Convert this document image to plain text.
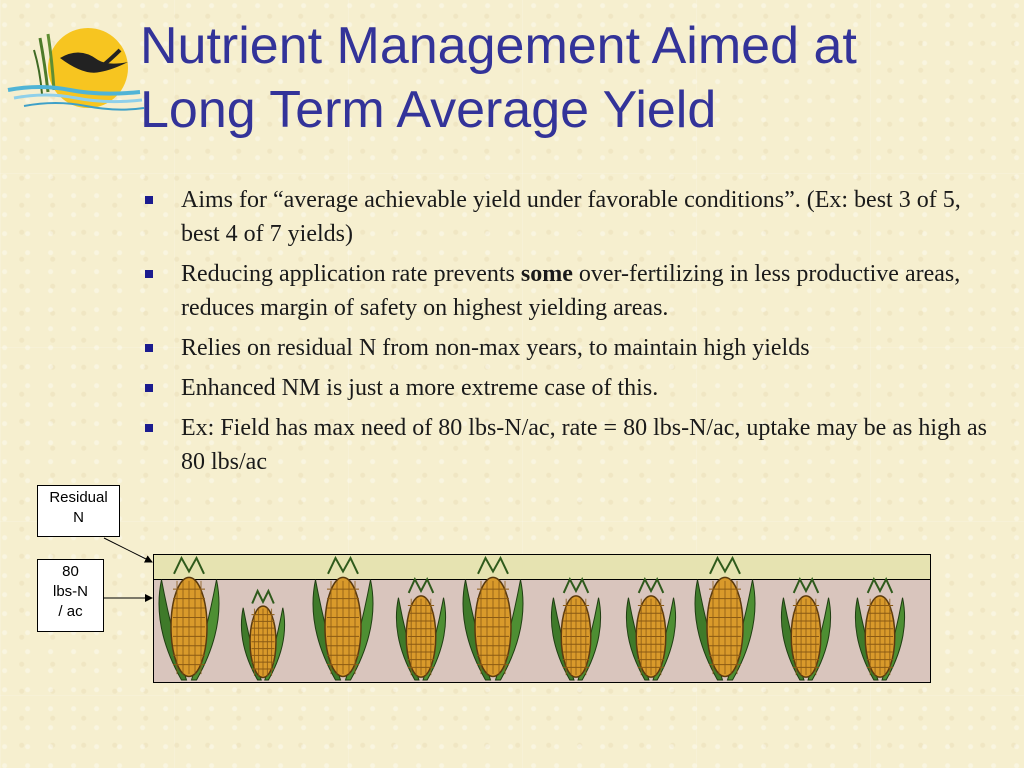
Nutrient Management Aimed at
Long Term Average Yield
Aims for “average achievable yield under favorable conditions”. (Ex: best 3 of 5, best 4 of 7 yields)
Reducing application rate prevents some over-fertilizing in less productive areas, reduces margin of safety on highest yielding areas.
Relies on residual N from non-max years, to maintain high yields
Enhanced NM is just a more extreme case of this.
Ex: Field has max need of 80 lbs-N/ac, rate = 80 lbs-N/ac, uptake may be as high as 80 lbs/ac
Residual
N
80
lbs-N
/ ac
